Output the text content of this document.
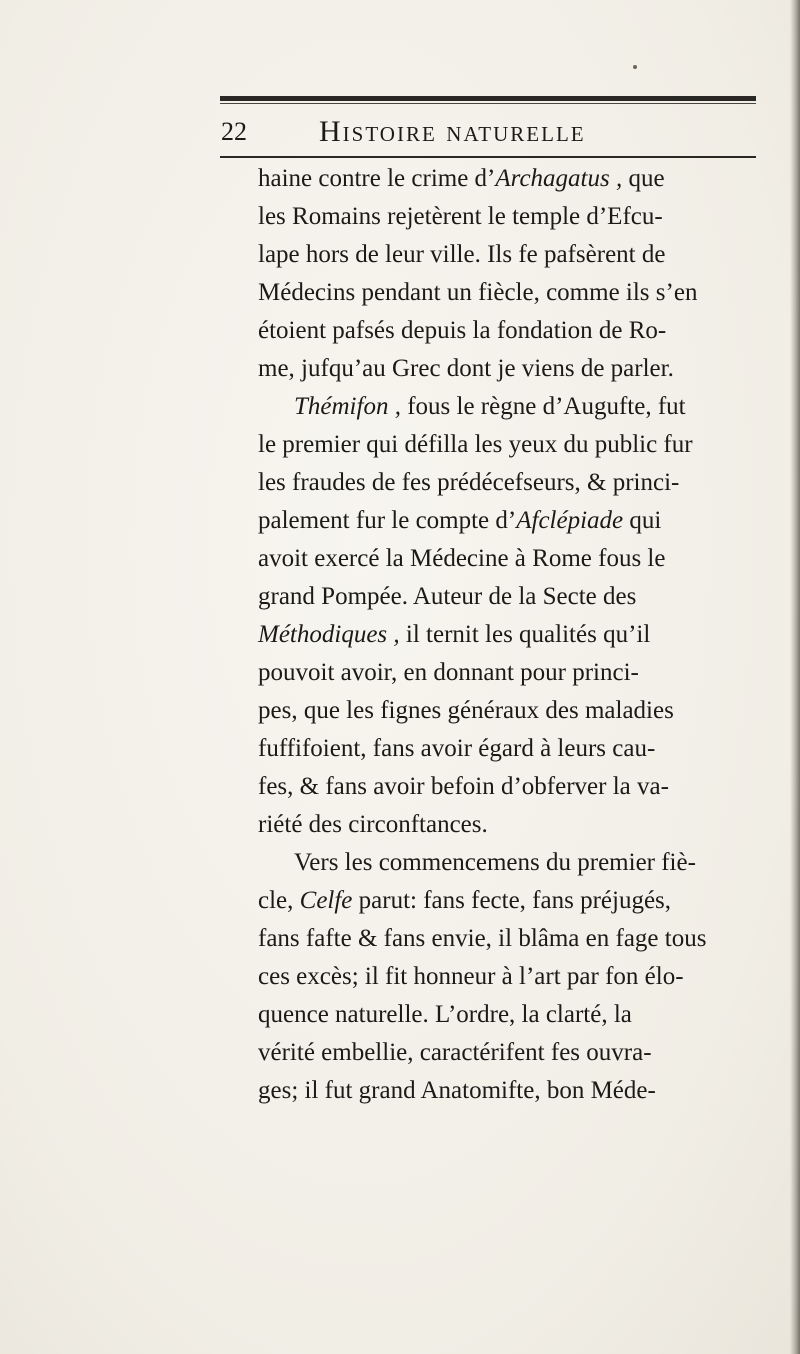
22 Histoire naturelle
haine contre le crime d’Archagatus , que
les Romains rejetèrent le temple d’Efcu-
lape hors de leur ville. Ils fe pafsèrent de
Médecins pendant un fiècle, comme ils s’en
étoient pafsés depuis la fondation de Ro-
me, jufqu’au Grec dont je viens de parler.
Thémifon , fous le règne d’Augufte, fut
le premier qui défilla les yeux du public fur
les fraudes de fes prédécefseurs, & princi-
palement fur le compte d’Afclépiade qui
avoit exercé la Médecine à Rome fous le
grand Pompée. Auteur de la Secte des
Méthodiques , il ternit les qualités qu’il
pouvoit avoir, en donnant pour princi-
pes, que les fignes généraux des maladies
fuffifoient, fans avoir égard à leurs cau-
fes, & fans avoir befoin d’obferver la va-
riété des circonftances.
Vers les commencemens du premier fiè-
cle, Celfe parut: fans fecte, fans préjugés,
fans fafte & fans envie, il blâma en fage tous
ces excès; il fit honneur à l’art par fon élo-
quence naturelle. L’ordre, la clarté, la
vérité embellie, caractérifent fes ouvra-
ges; il fut grand Anatomifte, bon Méde-
